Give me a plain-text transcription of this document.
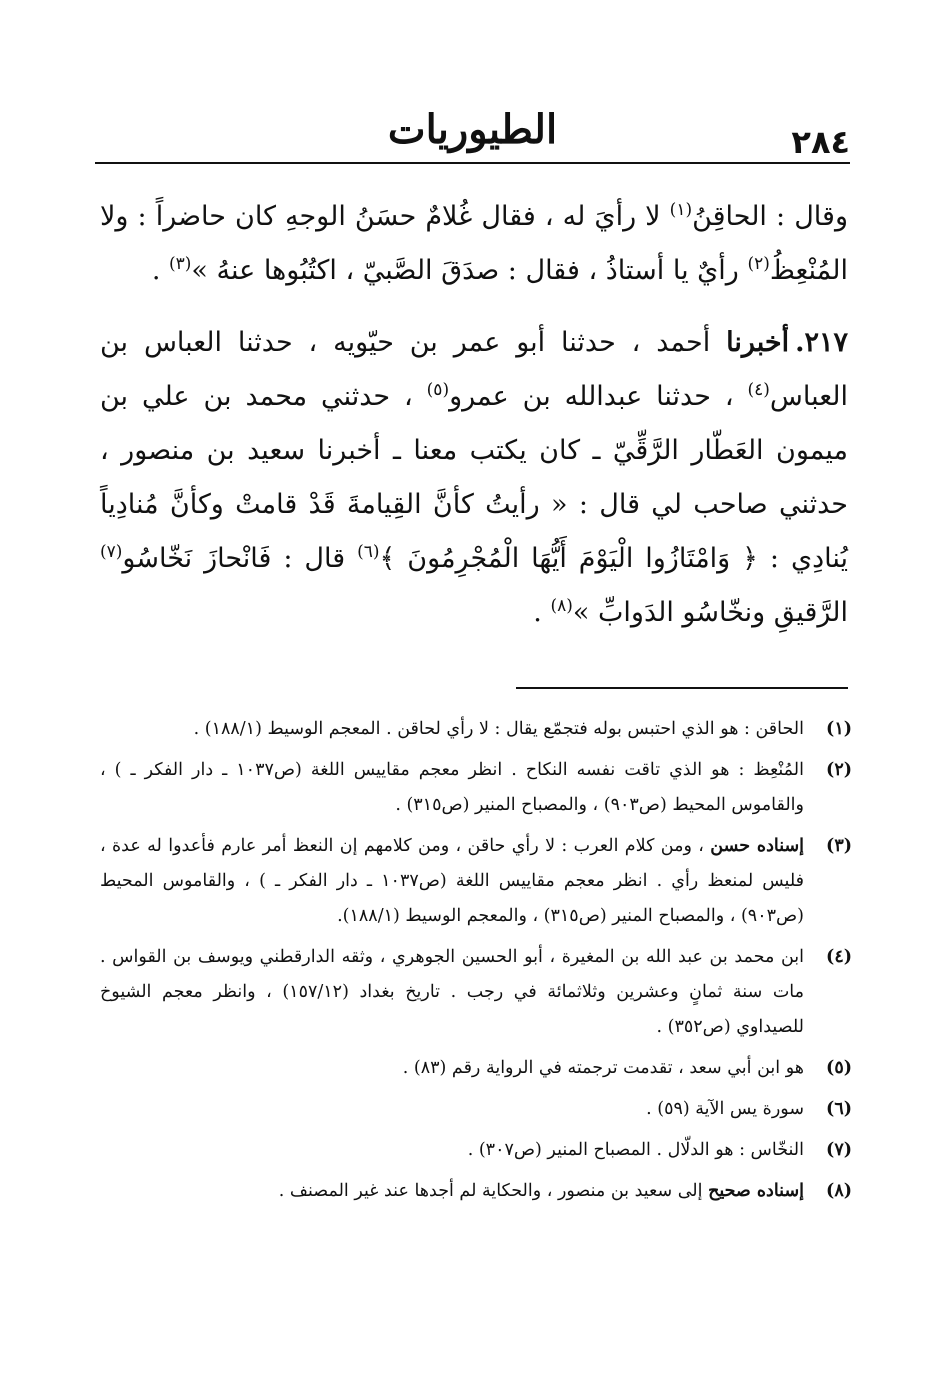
الطيوريات	٢٨٤

وقال : الحاقِنُ$^{(١)}$ لا رأيَ له ، فقال غُلامٌ حسَنُ الوجهِ كان حاضراً : ولا المُنْعِظُ$^{(٢)}$ رأيٌ يا أستاذُ ، فقال : صدَقَ الصَّبيّ ، اكتُبُوها عنهُ »$^{(٣)}$ .

٢١٧.أخبرنا أحمد ، حدثنا أبو عمر بن حيّويه ، حدثنا العباس بن العباس$^{(٤)}$ ، حدثنا عبدالله بن عمرو$^{(٥)}$ ، حدثني محمد بن علي بن ميمون العَطّار الرَّقِّيّ ـ كان يكتب معنا ـ أخبرنا سعيد بن منصور ، حدثني صاحب لي قال : « رأيتُ كأنَّ القِيامةَ قَدْ قامتْ وكأنَّ مُنادِياً يُنادِي : ﴿ وَامْتَازُوا الْيَوْمَ أَيُّهَا الْمُجْرِمُونَ ﴾$^{(٦)}$ قال : فَانْحازَ نَخّاسُو$^{(٧)}$ الرَّقيقِ ونخّاسُو الدَوابِّ »$^{(٨)}$ .

(١)
الحاقن : هو الذي احتبس بوله فتجمّع يقال : لا رأي لحاقن . المعجم الوسيط (١٨٨/١) .

(٢)
المُنْعِظ : هو الذي تاقت نفسه النكاح . انظر معجم مقاييس اللغة (ص١٠٣٧ ـ دار الفكر ـ ) ، والقاموس المحيط (ص٩٠٣) ، والمصباح المنير (ص٣١٥) .

(٣)
إسناده حسن ، ومن كلام العرب : لا رأي حاقن ، ومن كلامهم إن النعظ أمر عارم فأعدوا له عدة ، فليس لمنعظ رأي . انظر معجم مقاييس اللغة (ص١٠٣٧ ـ دار الفكر ـ ) ، والقاموس المحيط (ص٩٠٣) ، والمصباح المنير (ص٣١٥) ، والمعجم الوسيط (١٨٨/١).

(٤)
ابن محمد بن عبد الله بن المغيرة ، أبو الحسين الجوهري ، وثقه الدارقطني ويوسف بن القواس . مات سنة ثمانٍ وعشرين وثلاثمائة في رجب . تاريخ بغداد (١٥٧/١٢) ، وانظر معجم الشيوخ للصيداوي (ص٣٥٢) .

(٥)
هو ابن أبي سعد ، تقدمت ترجمته في الرواية رقم (٨٣) .

(٦)
سورة يس الآية (٥٩) .

(٧)
النخّاس : هو الدلّال . المصباح المنير (ص٣٠٧) .

(٨)
إسناده صحيح إلى سعيد بن منصور ، والحكاية لم أجدها عند غير المصنف .
